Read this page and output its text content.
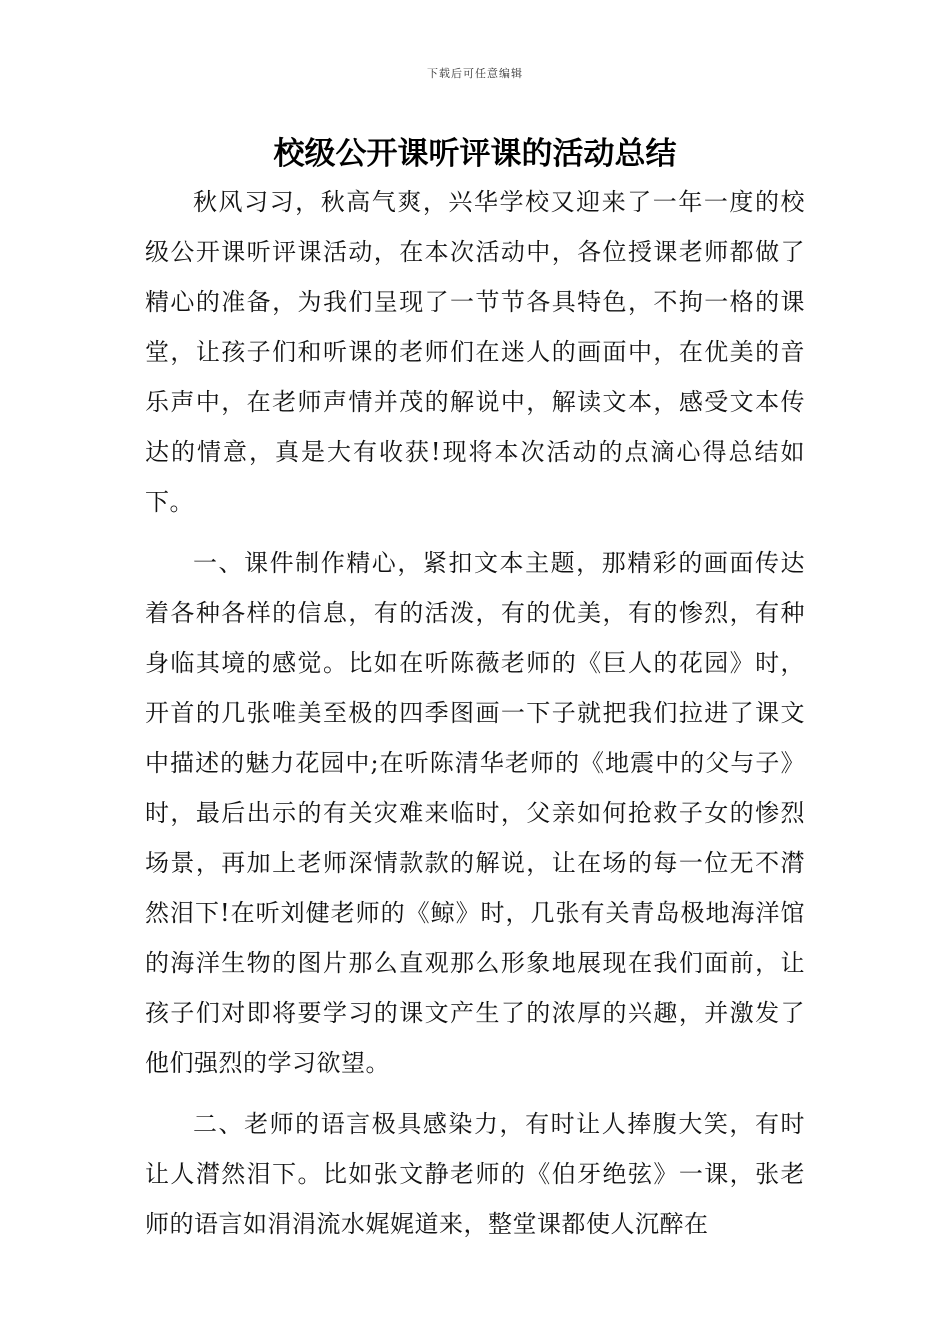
下载后可任意编辑
校级公开课听评课的活动总结

秋风习习，秋高气爽，兴华学校又迎来了一年一度的校级公开课听评课活动，在本次活动中，各位授课老师都做了精心的准备，为我们呈现了一节节各具特色，不拘一格的课堂，让孩子们和听课的老师们在迷人的画面中，在优美的音乐声中，在老师声情并茂的解说中，解读文本，感受文本传达的情意，真是大有收获!现将本次活动的点滴心得总结如下。

一、课件制作精心，紧扣文本主题，那精彩的画面传达着各种各样的信息，有的活泼，有的优美，有的惨烈，有种身临其境的感觉。比如在听陈薇老师的《巨人的花园》时，开首的几张唯美至极的四季图画一下子就把我们拉进了课文中描述的魅力花园中;在听陈清华老师的《地震中的父与子》时，最后出示的有关灾难来临时，父亲如何抢救子女的惨烈场景，再加上老师深情款款的解说，让在场的每一位无不潸然泪下!在听刘健老师的《鲸》时，几张有关青岛极地海洋馆的海洋生物的图片那么直观那么形象地展现在我们面前，让孩子们对即将要学习的课文产生了的浓厚的兴趣，并激发了他们强烈的学习欲望。

二、老师的语言极具感染力，有时让人捧腹大笑，有时让人潸然泪下。比如张文静老师的《伯牙绝弦》一课，张老师的语言如涓涓流水娓娓道来，整堂课都使人沉醉在
